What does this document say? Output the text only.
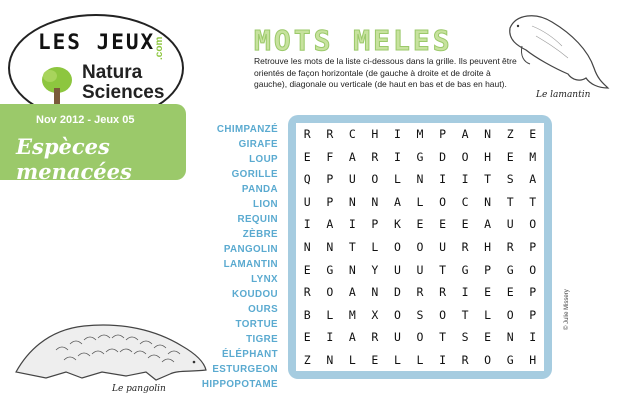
LES JEUX
Natura
Sciences
.com
Nov 2012 - Jeux 05
Espèces menacées
MOTS MELES
Retrouve les mots de la liste ci-dessous dans la grille. Ils peuvent être orientés de façon horizontale (de gauche à droite et de droite à gauche), diagonale ou verticale (de haut en bas et de bas en haut).
Le lamantin
Le pangolin
CHIMPANZÉ
GIRAFE
LOUP
GORILLE
PANDA
LION
REQUIN
ZÈBRE
PANGOLIN
LAMANTIN
LYNX
KOUDOU
OURS
TORTUE
TIGRE
ÉLÉPHANT
ESTURGEON
HIPPOPOTAME
R	R	C	H	I	M	P	A	N	Z	E
E	F	A	R	I	G	D	O	H	E	M
Q	P	U	O	L	N	I	I	T	S	A
U	P	N	N	A	L	O	C	N	T	T
I	A	I	P	K	E	E	E	A	U	O
N	N	T	L	O	O	U	R	H	R	P
E	G	N	Y	U	U	T	G	P	G	O
R	O	A	N	D	R	R	I	E	E	P
B	L	M	X	O	S	O	T	L	O	P
E	I	A	R	U	O	T	S	E	N	I
Z	N	L	E	L	L	I	R	O	G	H
© Julie Missery
